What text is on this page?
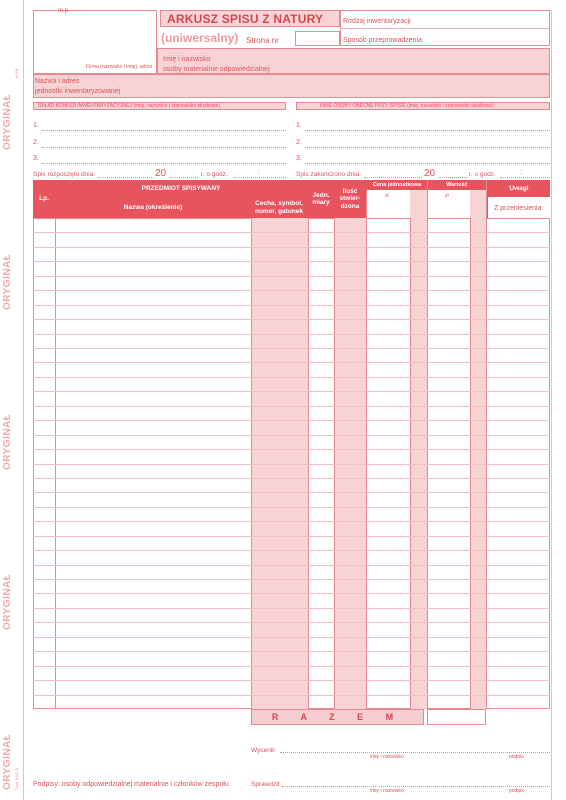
ORYGINAŁ
ORYGINAŁ
ORYGINAŁ
ORYGINAŁ
ORYGINAŁ
9/99
Typ 342-1
m.p.
Firma (nazwisko i imię), adres
ARKUSZ SPISU Z NATURY
(uniwersalny) Strona nr
Rodzaj inwentaryzacji
Sposób przeprowadzenia
Imię i nazwisko
osoby materialnie odpowiedzialnej
Nazwa i adres
jednostki inwentaryzowanej
SKŁAD KOMISJI INWENTARYZACYJNEJ (imię, nazwisko i stanowisko służbowe)	INNE OSOBY OBECNE PRZY SPISIE (imię, nazwisko i stanowisko służbowe)
1.
2.
3.
1.
2.
3.
Spis rozpoczęto dnia:	20	r. o godz.	:	Spis zakończono dnia:	20	r. o godz.	:
Lp.
PRZEDMIOT SPISYWANY
Nazwa (określenie)
Cecha, symbol, numer, gatunek
Jedn. miary
Ilość stwier-dzona
Cena jednostkowa	Wartość
zł	zł
Uwagi
Z przeniesienia
R A Z E M
Wycenił:
imię i nazwisko	podpis
Podpisy: osoby odpowiedzialnej materialnie i członków zespołu	Sprawdził:
imię i nazwisko	podpis
